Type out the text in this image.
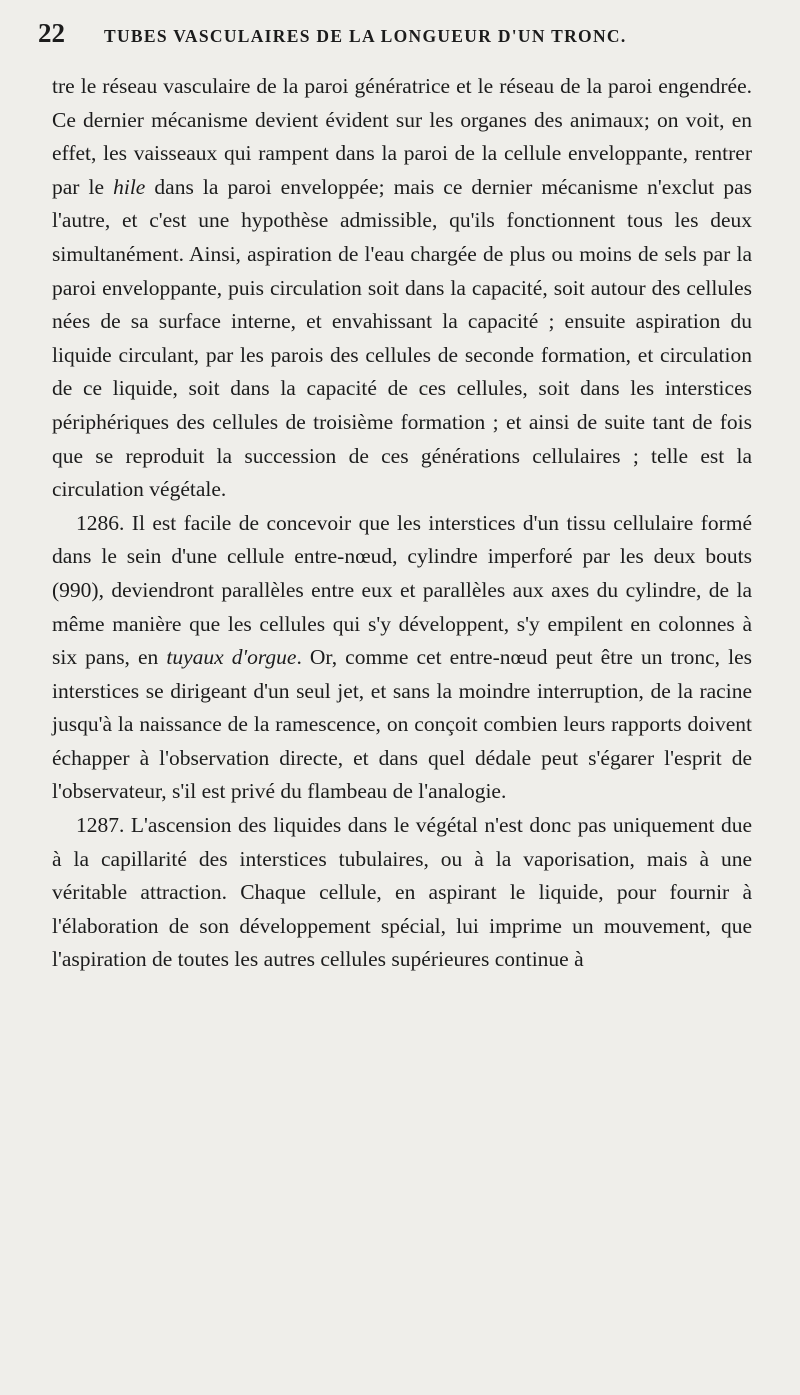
22	TUBES VASCULAIRES DE LA LONGUEUR D'UN TRONC.

tre le réseau vasculaire de la paroi génératrice et le réseau de la paroi engendrée. Ce dernier mécanisme devient évident sur les organes des animaux; on voit, en effet, les vaisseaux qui rampent dans la paroi de la cellule enveloppante, rentrer par le hile dans la paroi enveloppée; mais ce dernier mécanisme n'exclut pas l'autre, et c'est une hypothèse admissible, qu'ils fonctionnent tous les deux simultanément. Ainsi, aspiration de l'eau chargée de plus ou moins de sels par la paroi enveloppante, puis circulation soit dans la capacité, soit autour des cellules nées de sa surface interne, et envahissant la capacité ; ensuite aspiration du liquide circulant, par les parois des cellules de seconde formation, et circulation de ce liquide, soit dans la capacité de ces cellules, soit dans les interstices périphériques des cellules de troisième formation ; et ainsi de suite tant de fois que se reproduit la succession de ces générations cellulaires ; telle est la circulation végétale.

1286. Il est facile de concevoir que les interstices d'un tissu cellulaire formé dans le sein d'une cellule entre-nœud, cylindre imperforé par les deux bouts (990), deviendront parallèles entre eux et parallèles aux axes du cylindre, de la même manière que les cellules qui s'y développent, s'y empilent en colonnes à six pans, en tuyaux d'orgue. Or, comme cet entre-nœud peut être un tronc, les interstices se dirigeant d'un seul jet, et sans la moindre interruption, de la racine jusqu'à la naissance de la ramescence, on conçoit combien leurs rapports doivent échapper à l'observation directe, et dans quel dédale peut s'égarer l'esprit de l'observateur, s'il est privé du flambeau de l'analogie.

1287. L'ascension des liquides dans le végétal n'est donc pas uniquement due à la capillarité des interstices tubulaires, ou à la vaporisation, mais à une véritable attraction. Chaque cellule, en aspirant le liquide, pour fournir à l'élaboration de son développement spécial, lui imprime un mouvement, que l'aspiration de toutes les autres cellules supérieures continue à
